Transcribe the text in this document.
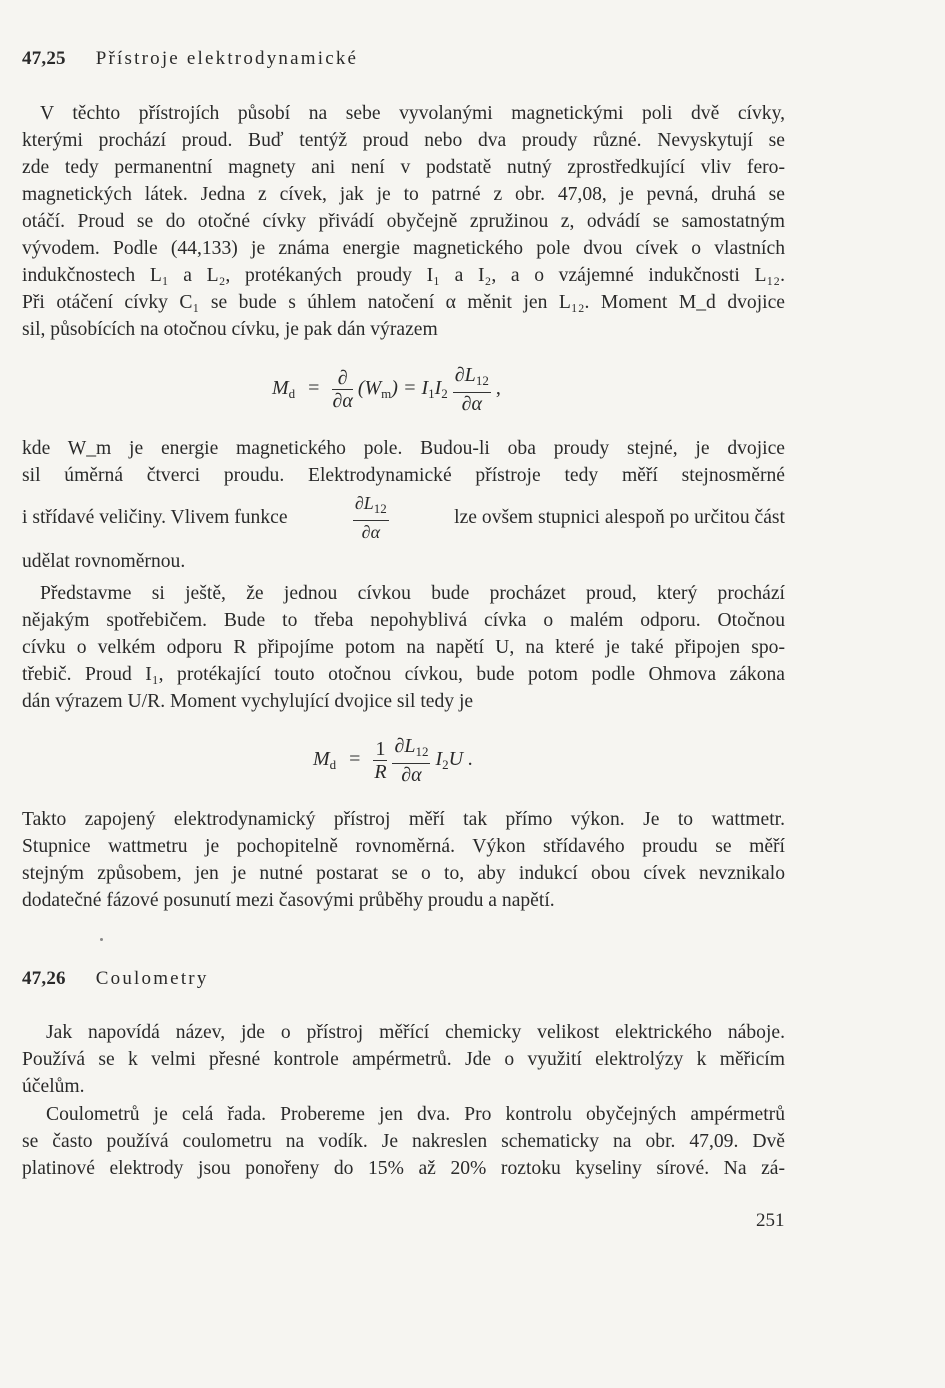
47,25 Přístroje elektrodynamické
V těchto přístrojích působí na sebe vyvolanými magnetickými poli dvě cívky,
kterými prochází proud. Buď tentýž proud nebo dva proudy různé. Nevyskytují se
zde tedy permanentní magnety ani není v podstatě nutný zprostředkující vliv fero-
magnetických látek. Jedna z cívek, jak je to patrné z obr. 47,08, je pevná, druhá se
otáčí. Proud se do otočné cívky přivádí obyčejně zpružinou z, odvádí se samostatným
vývodem. Podle (44,133) je známa energie magnetického pole dvou cívek o vlastních
indukčnostech L₁ a L₂, protékaných proudy I₁ a I₂, a o vzájemné indukčnosti L₁₂.
Při otáčení cívky C₁ se bude s úhlem natočení α měnit jen L₁₂. Moment M_d dvojice
sil, působících na otočnou cívku, je pak dán výrazem
$M_d = \frac{\partial}{\partial\alpha} (W_m) = I_1I_2 \frac{\partial L_{12}}{\partial\alpha}$ ,
kde W_m je energie magnetického pole. Budou-li oba proudy stejné, je dvojice
sil úměrná čtverci proudu. Elektrodynamické přístroje tedy měří stejnosměrné
i střídavé veličiny. Vlivem funkce	$\frac{\partial L_{12}}{\partial\alpha}$	lze ovšem stupnici alespoň po určitou část
udělat rovnoměrnou.
Představme si ještě, že jednou cívkou bude procházet proud, který prochází
nějakým spotřebičem. Bude to třeba nepohyblivá cívka o malém odporu. Otočnou
cívku o velkém odporu R připojíme potom na napětí U, na které je také připojen spo-
třebič. Proud I₁, protékající touto otočnou cívkou, bude potom podle Ohmova zákona
dán výrazem U/R. Moment vychylující dvojice sil tedy je
$M_d = \frac{1}{R}$
$\frac{\partial L_{12}}{\partial\alpha} I_2U$ .
Takto zapojený elektrodynamický přístroj měří tak přímo výkon. Je to wattmetr.
Stupnice wattmetru je pochopitelně rovnoměrná. Výkon střídavého proudu se měří
stejným způsobem, jen je nutné postarat se o to, aby indukcí obou cívek nevznikalo
dodatečné fázové posunutí mezi časovými průběhy proudu a napětí.
47,26 Coulometry
Jak napovídá název, jde o přístroj měřící chemicky velikost elektrického náboje.
Používá se k velmi přesné kontrole ampérmetrů. Jde o využití elektrolýzy k měřicím
účelům.
Coulometrů je celá řada. Probereme jen dva. Pro kontrolu obyčejných ampérmetrů
se často používá coulometru na vodík. Je nakreslen schematicky na obr. 47,09. Dvě
platinové elektrody jsou ponořeny do 15% až 20% roztoku kyseliny sírové. Na zá-
251
